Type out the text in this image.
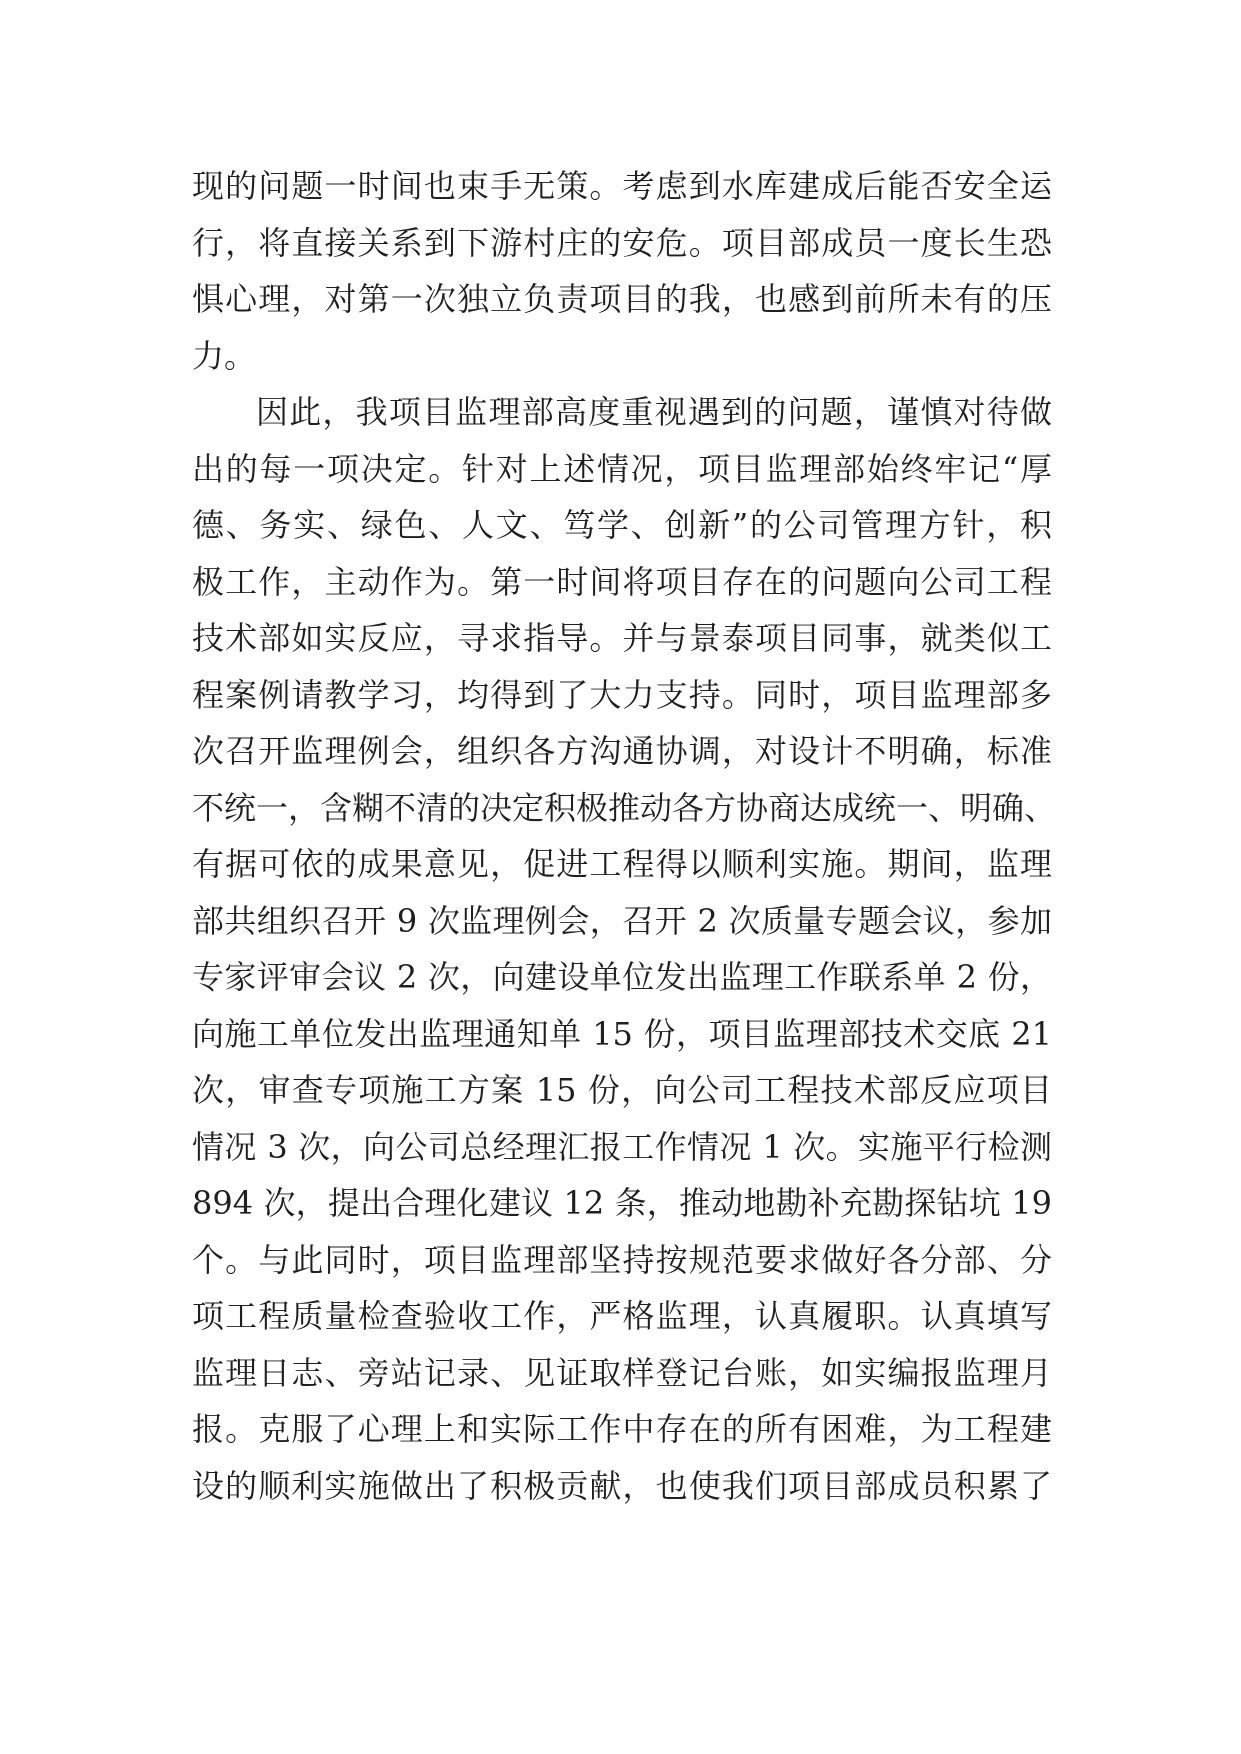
现的问题一时间也束手无策。考虑到水库建成后能否安全运
行，将直接关系到下游村庄的安危。项目部成员一度长生恐
惧心理，对第一次独立负责项目的我，也感到前所未有的压
力。
因此，我项目监理部高度重视遇到的问题，谨慎对待做
出的每一项决定。针对上述情况，项目监理部始终牢记“厚
德、务实、绿色、人文、笃学、创新”的公司管理方针，积
极工作，主动作为。第一时间将项目存在的问题向公司工程
技术部如实反应，寻求指导。并与景泰项目同事，就类似工
程案例请教学习，均得到了大力支持。同时，项目监理部多
次召开监理例会，组织各方沟通协调，对设计不明确，标准
不统一，含糊不清的决定积极推动各方协商达成统一、明确、
有据可依的成果意见，促进工程得以顺利实施。期间，监理
部共组织召开 9 次监理例会，召开 2 次质量专题会议，参加
专家评审会议 2 次，向建设单位发出监理工作联系单 2 份，
向施工单位发出监理通知单 15 份，项目监理部技术交底 21
次，审查专项施工方案 15 份，向公司工程技术部反应项目
情况 3 次，向公司总经理汇报工作情况 1 次。实施平行检测
894 次，提出合理化建议 12 条，推动地勘补充勘探钻坑 19
个。与此同时，项目监理部坚持按规范要求做好各分部、分
项工程质量检查验收工作，严格监理，认真履职。认真填写
监理日志、旁站记录、见证取样登记台账，如实编报监理月
报。克服了心理上和实际工作中存在的所有困难，为工程建
设的顺利实施做出了积极贡献，也使我们项目部成员积累了
